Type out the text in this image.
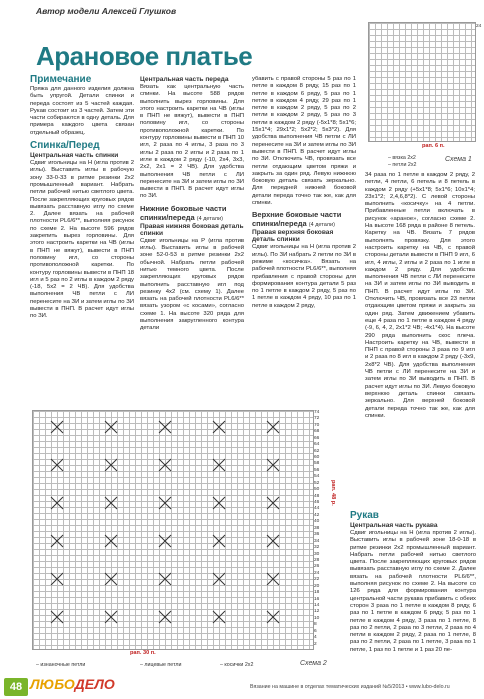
Автор модели Алексей Глушков
Арановое платье
Примечание

Пряжа для данного изделия должна быть упругой. Детали спинки и переда состоят из 5 частей каждая. Рукав состоит из 3 частей. Затем эти части собираются в одну деталь. Для примера каждого цвета связан отдельный образец.

Спинка/Перед
Центральная часть спинки

Сдвиг игольницы на Н (игла против 2 иглы). Выставить иглы в рабочую зону 33-0-33 в ритме резинки 2х2 промышленный вариант. Набрать петли рабочей нитью светлого цвета. После закрепляющих круговых рядов вывязать расставную иглу по схеме 2. Далее вязать на рабочей плотности PL6/6**, выполняя рисунок по схеме 2. На высоте 596 рядов закрепить вырез горловины. Для этого настроить каретки на ЧВ (иглы в ПНП не вяжут), вывести в ПНП половину игл, со стороны противоположной каретки. По контуру горловины вывести в ПНП 18 игл и 5 раз по 2 иглы в каждом 2 ряду (-18, 5х2 = 2 ЧВ). Для удобства выполнения ЧВ петли с ЛИ перенесите на ЗИ и затем иглы по ЗИ вывести в ПНП. В расчет идут иглы по ЗИ.

Центральная часть переда

Вязать как центральную часть спинки. На высоте 588 рядов выполнить вырез горловины. Для этого настроить каретки на ЧВ (иглы в ПНП не вяжут), вывести в ПНП половину игл, со стороны противоположной каретки. По контуру горловины вывести в ПНП 10 игл, 2 раза по 4 иглы, 3 раза по 3 иглы 2 раза по 2 иглы и 2 раза по 1 игле в каждом 2 ряду (-10, 2х4, 3х3, 2х2, 2х1 = 2 ЧВ). Для удобства выполнения ЧВ петли с ЛИ перенесите на ЗИ и затем иглы по ЗИ вывести в ПНП. В расчет идут иглы по ЗИ.

Нижние боковые части спинки/переда (4 детали)
Правая нижняя боковая деталь спинки

Сдвиг игольницы на Р (игла против иглы). Выставить иглы в рабочей зоне 52-0-53 в ритме резинки 2х2 обычной. Набрать петли рабочей нитью темного цвета. После закрепляющих круговых рядов выполнить расставную игл под резинку 4х2 (см. схему 1). Далее вязать на рабочей плотности PL6/6** вязать узором «с косами», согласно схеме 1. На высоте 320 ряда для выполнения закругленного контура детали

убавить с правой стороны 5 раз по 1 петле в каждом 8 ряду, 15 раз по 1 петле в каждом 6 ряду, 5 раз по 1 петле в каждом 4 ряду, 29 раз по 1 петле в каждом 2 ряду, 5 раз по 2 петли в каждом 2 ряду, 5 раз по 3 петли в каждом 2 ряду (-5х1*8; 5х1*6; 15х1*4; 29х1*2; 5х2*2; 5х3*2). Для удобства выполнения ЧВ петли с ЛИ перенесите на ЗИ и затем иглы по ЗИ вывести в ПНП. В расчет идут иглы по ЗИ. Отключить ЧВ, провязать все петли отдающим цветом пряжи и закрыть за один ряд. Левую нижнюю боковую деталь связать зеркально. Для передней нижней боковой детали переда точно так же, как для спинки.

Верхние боковые части спинки/переда (4 детали)
Правая верхняя боковая деталь спинки

Сдвиг игольницы на Н (игла против 2 иглы). По ЗИ набрать 2 петли по ЗИ в режиме «косичка». Вязать на рабочей плотности PL6/6**, выполняя прибавления с правой стороны для формирования контура детали 5 раз по 1 петле в каждом 2 ряду, 5 раз по 1 петле в каждом 4 ряду, 10 раз по 1 петле в каждом 2 ряду,

рап. 6 п.
– вязка 2х2
– петли 2х2
Схема 1
24

34 раза по 1 петле в каждом 2 ряду, 2 петли, 4 петли, 6 петель и 8 петель в каждом 2 ряду (+5х1*8; 5х1*6; 10х1*4; 23х1*2; 2,4,6,8*2). С левой стороны выполнить «косичку» на 4 петли. Прибавленные петли включать в рисунок «араное», согласно схеме 2. На высоте 168 ряда в районе 8 петель. Каретку на ЧВ. Вязать 7 рядов выполнять провязку. Для этого настроить каретку на ЧВ, с правой стороны детали вывести в ПНП 9 игл, 6 игл, 4 иглы, 2 иглы и 2 раза по 1 игле в каждом 2 ряду. Для удобства выполнения ЧВ петли с ЛИ перенесите на ЗИ и затем иглы по ЗИ выводить в ПНП. В расчет идут иглы по ЗИ. Отключить ЧВ, провязать все 23 петли отдающим цветом пряжи и закрыть за один ряд. Затем движением убавить еще 4 раза по 1 петле в каждом 4 ряду (-9, 6, 4, 2, 2х1*2 ЧВ; -4х1*4). На высоте 290 ряда выполнить скос плеча. Настроить каретку на ЧВ, вывести в ПНП с правой стороны 3 раза по 9 игл и 2 раза по 8 игл в каждом 2 ряду (-3х9, 2х8*2 ЧВ). Для удобства выполнения ЧВ петли с ЛИ перенесите на ЗИ и затем иглы по ЗИ выводить в ПНП. В расчет идут иглы по ЗИ. Левую боковую верхнюю деталь спинки связать зеркально. Для верхней боковой детали переда точно так же, как для спинки.

Рукав
Центральная часть рукава

Сдвиг игольницы на Н (игла против 2 иглы). Выставить иглы в рабочей зоне 18-0-18 в ритме резинки 2х2 промышленный вариант. Набрать петли рабочей нитью светлого цвета. После закрепляющих круговых рядов вывязать расставную иглу по схеме 2. Далее вязать на рабочей плотности PL6/6**, выполняя рисунок по схеме 2. На высоте со 126 ряда для формирования контура центральной части рукава прибавить с обеих сторон 3 раза по 1 петле в каждом 8 ряду, 6 раз по 1 петле в каждом 6 ряду, 5 раз по 1 петле в каждом 4 ряду, 3 раза по 1 петле, 8 раз по 2 петли, 2 раза по 3 петли, 2 раза по 4 петли в каждом 2 ряду, 2 раза по 1 петле, 8 раз по 2 петли, 2 раза по 1 петле, 3 раза по 1 петле, 1 раз по 1 петле и 1 раз 20 пе-

74
72
70
68
66
64
62
60
58
56
54
52
50
48
46
44
42
40
38
36
34
32
30
28
26
24
22
20
18
16
14
12
10
8
6
4
2
рап. 30 п.
рап. 48 р.
– изнаночные петли	– лицевые петли	– косички 2х2	Схема 2
48 ЛЮБОДЕЛО	Вязание на машине в отделах тематических изданий №5/2013 • www.lubo-delo.ru
